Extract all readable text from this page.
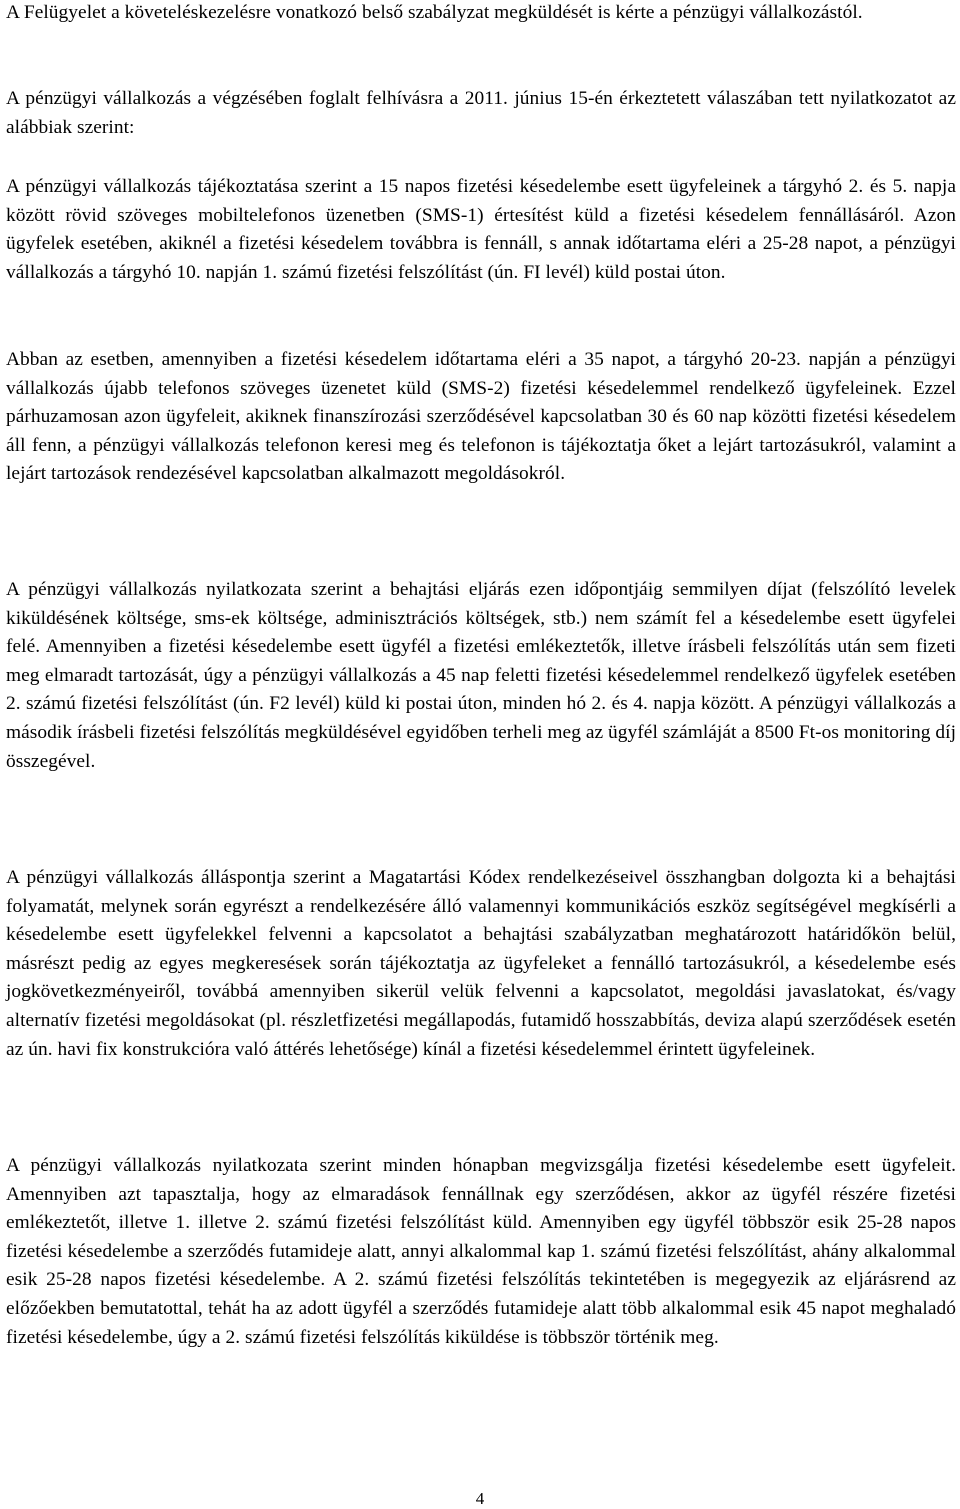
A Felügyelet a követeléskezelésre vonatkozó belső szabályzat megküldését is kérte a pénzügyi vállalkozástól.

A pénzügyi vállalkozás a végzésében foglalt felhívásra a 2011. június 15-én érkeztetett válaszában tett nyilatkozatot az alábbiak szerint:

A pénzügyi vállalkozás tájékoztatása szerint a 15 napos fizetési késedelembe esett ügyfeleinek a tárgyhó 2. és 5. napja között rövid szöveges mobiltelefonos üzenetben (SMS-1) értesítést küld a fizetési késedelem fennállásáról. Azon ügyfelek esetében, akiknél a fizetési késedelem továbbra is fennáll, s annak időtartama eléri a 25-28 napot, a pénzügyi vállalkozás a tárgyhó 10. napján 1. számú fizetési felszólítást (ún. FI levél) küld postai úton.

Abban az esetben, amennyiben a fizetési késedelem időtartama eléri a 35 napot, a tárgyhó 20-23. napján a pénzügyi vállalkozás újabb telefonos szöveges üzenetet küld (SMS-2) fizetési késedelemmel rendelkező ügyfeleinek. Ezzel párhuzamosan azon ügyfeleit, akiknek finanszírozási szerződésével kapcsolatban 30 és 60 nap közötti fizetési késedelem áll fenn, a pénzügyi vállalkozás telefonon keresi meg és telefonon is tájékoztatja őket a lejárt tartozásukról, valamint a lejárt tartozások rendezésével kapcsolatban alkalmazott megoldásokról.

A pénzügyi vállalkozás nyilatkozata szerint a behajtási eljárás ezen időpontjáig semmilyen díjat (felszólító levelek kiküldésének költsége, sms-ek költsége, adminisztrációs költségek, stb.) nem számít fel a késedelembe esett ügyfelei felé. Amennyiben a fizetési késedelembe esett ügyfél a fizetési emlékeztetők, illetve írásbeli felszólítás után sem fizeti meg elmaradt tartozását, úgy a pénzügyi vállalkozás a 45 nap feletti fizetési késedelemmel rendelkező ügyfelek esetében 2. számú fizetési felszólítást (ún. F2 levél) küld ki postai úton, minden hó 2. és 4. napja között. A pénzügyi vállalkozás a második írásbeli fizetési felszólítás megküldésével egyidőben terheli meg az ügyfél számláját a 8500 Ft-os monitoring díj összegével.

A pénzügyi vállalkozás álláspontja szerint a Magatartási Kódex rendelkezéseivel összhangban dolgozta ki a behajtási folyamatát, melynek során egyrészt a rendelkezésére álló valamennyi kommunikációs eszköz segítségével megkísérli a késedelembe esett ügyfelekkel felvenni a kapcsolatot a behajtási szabályzatban meghatározott határidőkön belül, másrészt pedig az egyes megkeresések során tájékoztatja az ügyfeleket a fennálló tartozásukról, a késedelembe esés jogkövetkezményeiről, továbbá amennyiben sikerül velük felvenni a kapcsolatot, megoldási javaslatokat, és/vagy alternatív fizetési megoldásokat (pl. részletfizetési megállapodás, futamidő hosszabbítás, deviza alapú szerződések esetén az ún. havi fix konstrukcióra való áttérés lehetősége) kínál a fizetési késedelemmel érintett ügyfeleinek.

A pénzügyi vállalkozás nyilatkozata szerint minden hónapban megvizsgálja fizetési késedelembe esett ügyfeleit. Amennyiben azt tapasztalja, hogy az elmaradások fennállnak egy szerződésen, akkor az ügyfél részére fizetési emlékeztetőt, illetve 1. illetve 2. számú fizetési felszólítást küld. Amennyiben egy ügyfél többször esik 25-28 napos fizetési késedelembe a szerződés futamideje alatt, annyi alkalommal kap 1. számú fizetési felszólítást, ahány alkalommal esik 25-28 napos fizetési késedelembe. A 2. számú fizetési felszólítás tekintetében is megegyezik az eljárásrend az előzőekben bemutatottal, tehát ha az adott ügyfél a szerződés futamideje alatt több alkalommal esik 45 napot meghaladó fizetési késedelembe, úgy a 2. számú fizetési felszólítás kiküldése is többször történik meg.

4
